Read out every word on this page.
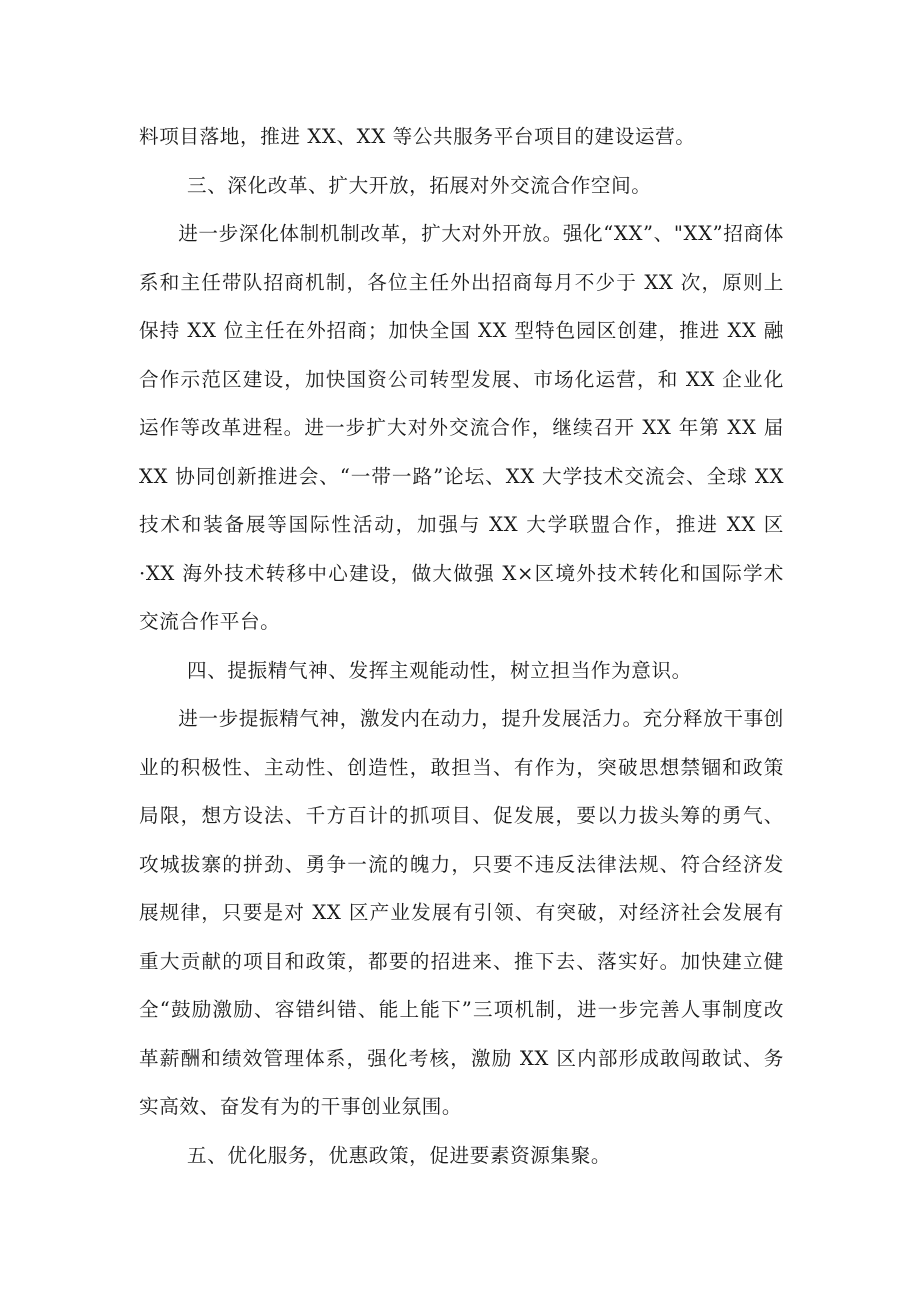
料项目落地，推进 XX、XX 等公共服务平台项目的建设运营。

三、深化改革、扩大开放，拓展对外交流合作空间。

进一步深化体制机制改革，扩大对外开放。强化“XX”、"XX”招商体系和主任带队招商机制，各位主任外出招商每月不少于 XX 次，原则上保持 XX 位主任在外招商；加快全国 XX 型特色园区创建，推进 XX 融合作示范区建设，加快国资公司转型发展、市场化运营，和 XX 企业化运作等改革进程。进一步扩大对外交流合作，继续召开 XX 年第 XX 届 XX 协同创新推进会、“一带一路”论坛、XX 大学技术交流会、全球 XX 技术和装备展等国际性活动，加强与 XX 大学联盟合作，推进 XX 区·XX 海外技术转移中心建设，做大做强 X×区境外技术转化和国际学术交流合作平台。

四、提振精气神、发挥主观能动性，树立担当作为意识。

进一步提振精气神，激发内在动力，提升发展活力。充分释放干事创业的积极性、主动性、创造性，敢担当、有作为，突破思想禁锢和政策局限，想方设法、千方百计的抓项目、促发展，要以力拔头筹的勇气、攻城拔寨的拼劲、勇争一流的魄力，只要不违反法律法规、符合经济发展规律，只要是对 XX 区产业发展有引领、有突破，对经济社会发展有重大贡献的项目和政策，都要的招进来、推下去、落实好。加快建立健全“鼓励激励、容错纠错、能上能下”三项机制，进一步完善人事制度改革薪酬和绩效管理体系，强化考核，激励 XX 区内部形成敢闯敢试、务实高效、奋发有为的干事创业氛围。

五、优化服务，优惠政策，促进要素资源集聚。
